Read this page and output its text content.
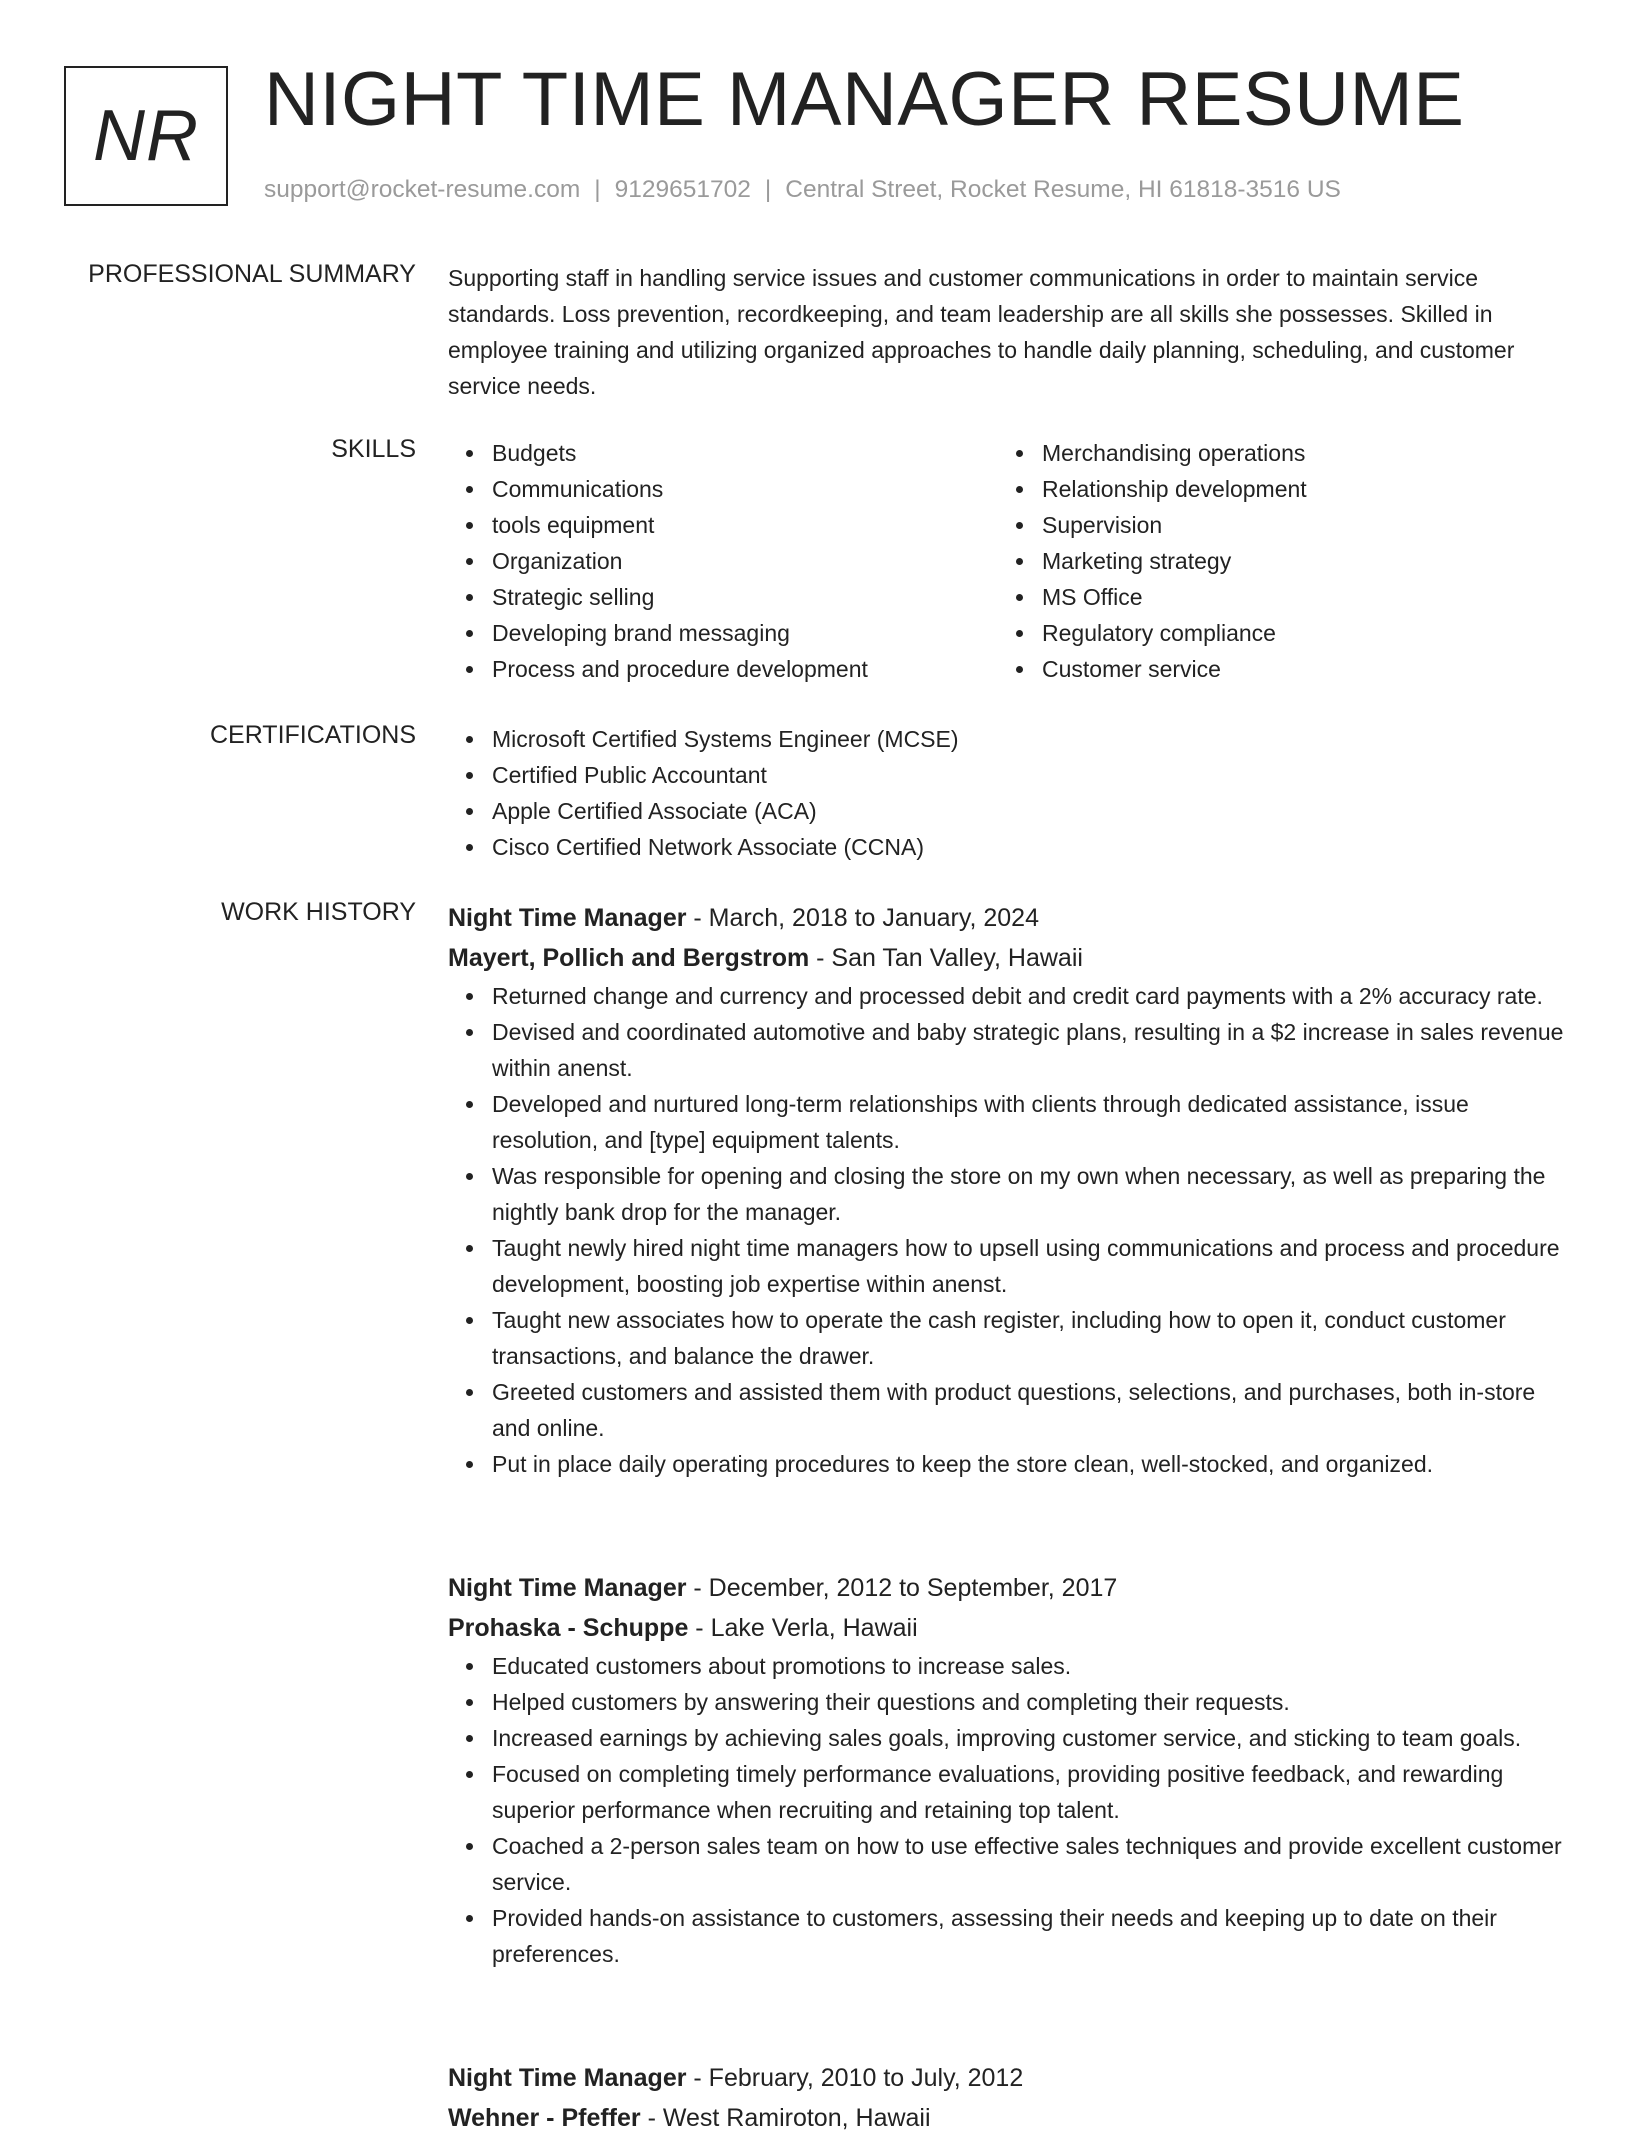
NR NIGHT TIME MANAGER RESUME
support@rocket-resume.com | 9129651702 | Central Street, Rocket Resume, HI 61818-3516 US
PROFESSIONAL SUMMARY Supporting staff in handling service issues and customer communications in order to maintain service standards. Loss prevention, recordkeeping, and team leadership are all skills she possesses. Skilled in employee training and utilizing organized approaches to handle daily planning, scheduling, and customer service needs.

SKILLS	Budgets
Communications
tools equipment
Organization
Strategic selling
Developing brand messaging
Process and procedure development
Merchandising operations
Relationship development
Supervision
Marketing strategy
MS Office
Regulatory compliance
Customer service
CERTIFICATIONS	Microsoft Certified Systems Engineer (MCSE)
Certified Public Accountant
Apple Certified Associate (ACA)
Cisco Certified Network Associate (CCNA)
WORK HISTORY Night Time Manager - March, 2018 to January, 2024
Mayert, Pollich and Bergstrom - San Tan Valley, Hawaii
Returned change and currency and processed debit and credit card payments with a 2% accuracy rate.
Devised and coordinated automotive and baby strategic plans, resulting in a $2 increase in sales revenue within anenst.
Developed and nurtured long-term relationships with clients through dedicated assistance, issue resolution, and [type] equipment talents.
Was responsible for opening and closing the store on my own when necessary, as well as preparing the nightly bank drop for the manager.
Taught newly hired night time managers how to upsell using communications and process and procedure development, boosting job expertise within anenst.
Taught new associates how to operate the cash register, including how to open it, conduct customer transactions, and balance the drawer.
Greeted customers and assisted them with product questions, selections, and purchases, both in-store and online.
Put in place daily operating procedures to keep the store clean, well-stocked, and organized.
Night Time Manager - December, 2012 to September, 2017
Prohaska - Schuppe - Lake Verla, Hawaii
Educated customers about promotions to increase sales.
Helped customers by answering their questions and completing their requests.
Increased earnings by achieving sales goals, improving customer service, and sticking to team goals.
Focused on completing timely performance evaluations, providing positive feedback, and rewarding superior performance when recruiting and retaining top talent.
Coached a 2-person sales team on how to use effective sales techniques and provide excellent customer service.
Provided hands-on assistance to customers, assessing their needs and keeping up to date on their preferences.
Night Time Manager - February, 2010 to July, 2012
Wehner - Pfeffer - West Ramiroton, Hawaii
